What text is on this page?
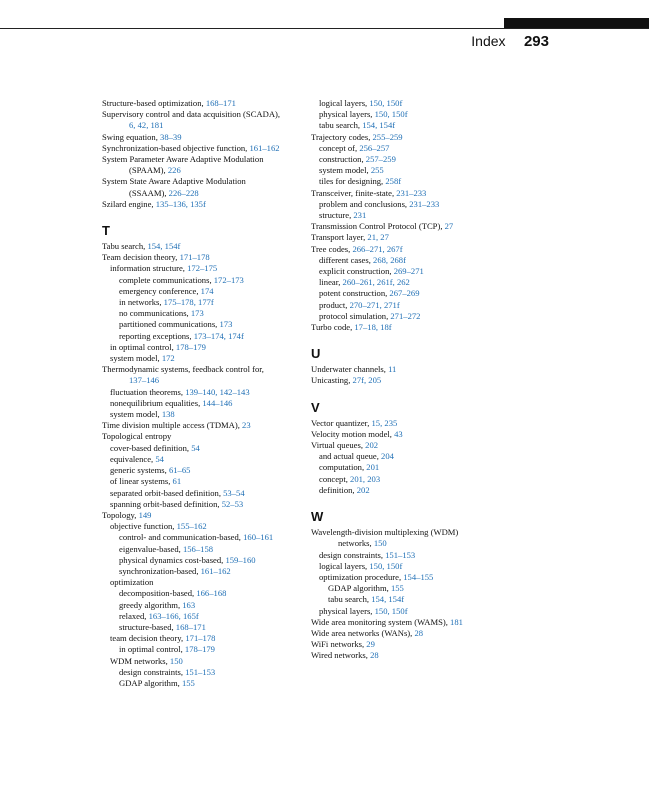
Index 293
Structure-based optimization, 168–171
Supervisory control and data acquisition (SCADA),
6, 42, 181
Swing equation, 38–39
Synchronization-based objective function, 161–162
System Parameter Aware Adaptive Modulation
(SPAAM), 226
System State Aware Adaptive Modulation
(SSAAM), 226–228
Szilard engine, 135–136, 135f
T
Tabu search, 154, 154f
Team decision theory, 171–178
information structure, 172–175
complete communications, 172–173
emergency conference, 174
in networks, 175–178, 177f
no communications, 173
partitioned communications, 173
reporting exceptions, 173–174, 174f
in optimal control, 178–179
system model, 172
Thermodynamic systems, feedback control for,
137–146
fluctuation theorems, 139–140, 142–143
nonequilibrium equalities, 144–146
system model, 138
Time division multiple access (TDMA), 23
Topological entropy
cover-based definition, 54
equivalence, 54
generic systems, 61–65
of linear systems, 61
separated orbit-based definition, 53–54
spanning orbit-based definition, 52–53
Topology, 149
objective function, 155–162
control- and communication-based, 160–161
eigenvalue-based, 156–158
physical dynamics cost-based, 159–160
synchronization-based, 161–162
optimization
decomposition-based, 166–168
greedy algorithm, 163
relaxed, 163–166, 165f
structure-based, 168–171
team decision theory, 171–178
in optimal control, 178–179
WDM networks, 150
design constraints, 151–153
GDAP algorithm, 155
logical layers, 150, 150f
physical layers, 150, 150f
tabu search, 154, 154f
Trajectory codes, 255–259
concept of, 256–257
construction, 257–259
system model, 255
tiles for designing, 258f
Transceiver, finite-state, 231–233
problem and conclusions, 231–233
structure, 231
Transmission Control Protocol (TCP), 27
Transport layer, 21, 27
Tree codes, 266–271, 267f
different cases, 268, 268f
explicit construction, 269–271
linear, 260–261, 261f, 262
potent construction, 267–269
product, 270–271, 271f
protocol simulation, 271–272
Turbo code, 17–18, 18f
U
Underwater channels, 11
Unicasting, 27f, 205
V
Vector quantizer, 15, 235
Velocity motion model, 43
Virtual queues, 202
and actual queue, 204
computation, 201
concept, 201, 203
definition, 202
W
Wavelength-division multiplexing (WDM)
networks, 150
design constraints, 151–153
logical layers, 150, 150f
optimization procedure, 154–155
GDAP algorithm, 155
tabu search, 154, 154f
physical layers, 150, 150f
Wide area monitoring system (WAMS), 181
Wide area networks (WANs), 28
WiFi networks, 29
Wired networks, 28
